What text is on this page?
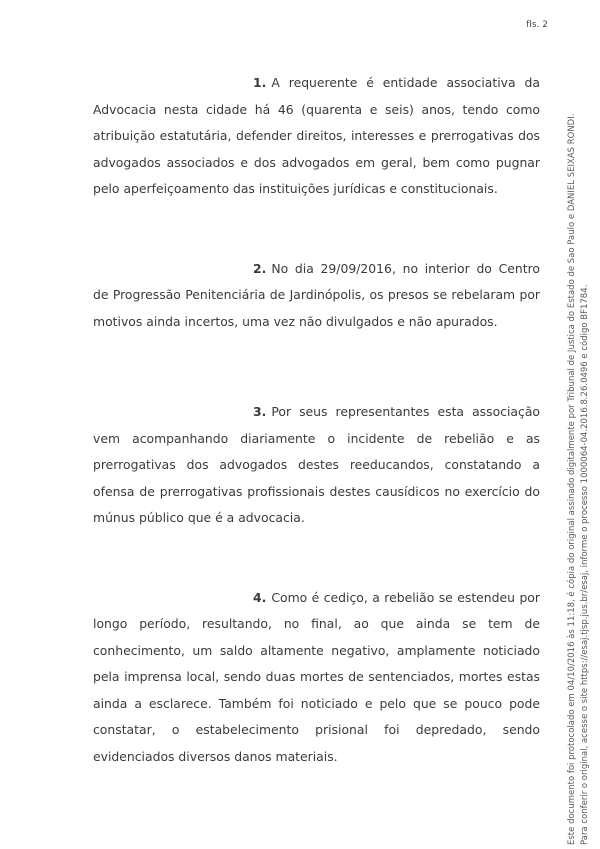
fls. 2

1. A requerente é entidade associativa da Advocacia nesta cidade há 46 (quarenta e seis) anos, tendo como atribuição estatutária, defender direitos, interesses e prerrogativas dos advogados associados e dos advogados em geral, bem como pugnar pelo aperfeiçoamento das instituições jurídicas e constitucionais.

2. No dia 29/09/2016, no interior do Centro de Progressão Penitenciária de Jardinópolis, os presos se rebelaram por motivos ainda incertos, uma vez não divulgados e não apurados.

3. Por seus representantes esta associação vem acompanhando diariamente o incidente de rebelião e as prerrogativas dos advogados destes reeducandos, constatando a ofensa de prerrogativas profissionais destes causídicos no exercício do múnus público que é a advocacia.

4. Como é cediço, a rebelião se estendeu por longo período, resultando, no final, ao que ainda se tem de conhecimento, um saldo altamente negativo, amplamente noticiado pela imprensa local, sendo duas mortes de sentenciados, mortes estas ainda a esclarece. Também foi noticiado e pelo que se pouco pode constatar, o estabelecimento prisional foi depredado, sendo evidenciados diversos danos materiais.	Este documento foi protocolado em 04/10/2016 às 11:18, é cópia do original assinado digitalmente por Tribunal de Justica do Estado de Sao Paulo e DANIEL SEIXAS RONDI. Para conferir o original, acesse o site https://esaj.tjsp.jus.br/esaj, informe o processo 1000064-04.2016.8.26.0496 e código BF1784.
